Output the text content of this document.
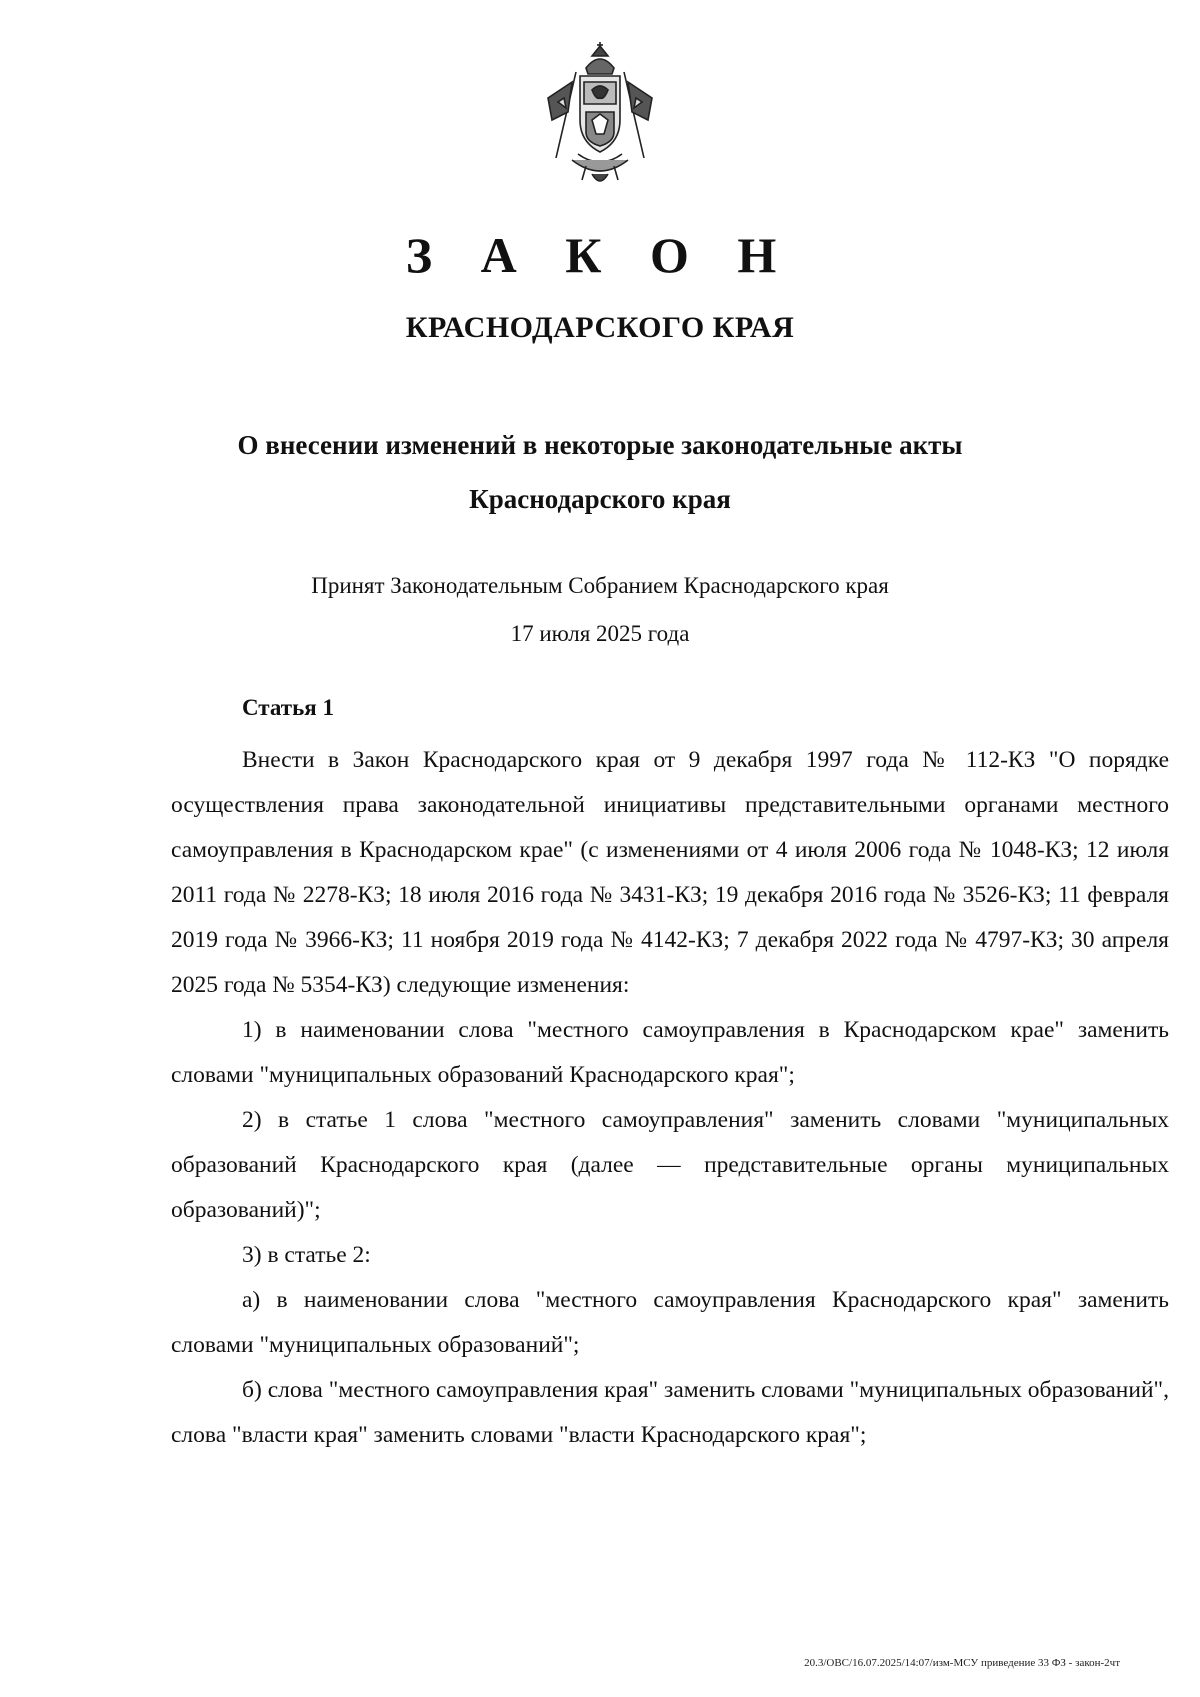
З А К О Н
КРАСНОДАРСКОГО КРАЯ
О внесении изменений в некоторые законодательные акты
Краснодарского края
Принят Законодательным Собранием Краснодарского края
17 июля 2025 года
Статья 1

Внести в Закон Краснодарского края от 9 декабря 1997 года № 112-КЗ "О порядке осуществления права законодательной инициативы представительными органами местного самоуправления в Краснодарском крае" (с изменениями от 4 июля 2006 года № 1048-КЗ; 12 июля 2011 года № 2278-КЗ; 18 июля 2016 года № 3431-КЗ; 19 декабря 2016 года № 3526-КЗ; 11 февраля 2019 года № 3966-КЗ; 11 ноября 2019 года № 4142-КЗ; 7 декабря 2022 года № 4797-КЗ; 30 апреля 2025 года № 5354-КЗ) следующие изменения:

1) в наименовании слова "местного самоуправления в Краснодарском крае" заменить словами "муниципальных образований Краснодарского края";

2) в статье 1 слова "местного самоуправления" заменить словами "муниципальных образований Краснодарского края (далее — представительные органы муниципальных образований)";

3) в статье 2:

а) в наименовании слова "местного самоуправления Краснодарского края" заменить словами "муниципальных образований";

б) слова "местного самоуправления края" заменить словами "муниципальных образований", слова "власти края" заменить словами "власти Краснодарского края";

20.3/ОВС/16.07.2025/14:07/изм-МСУ приведение 33 ФЗ - закон-2чт
